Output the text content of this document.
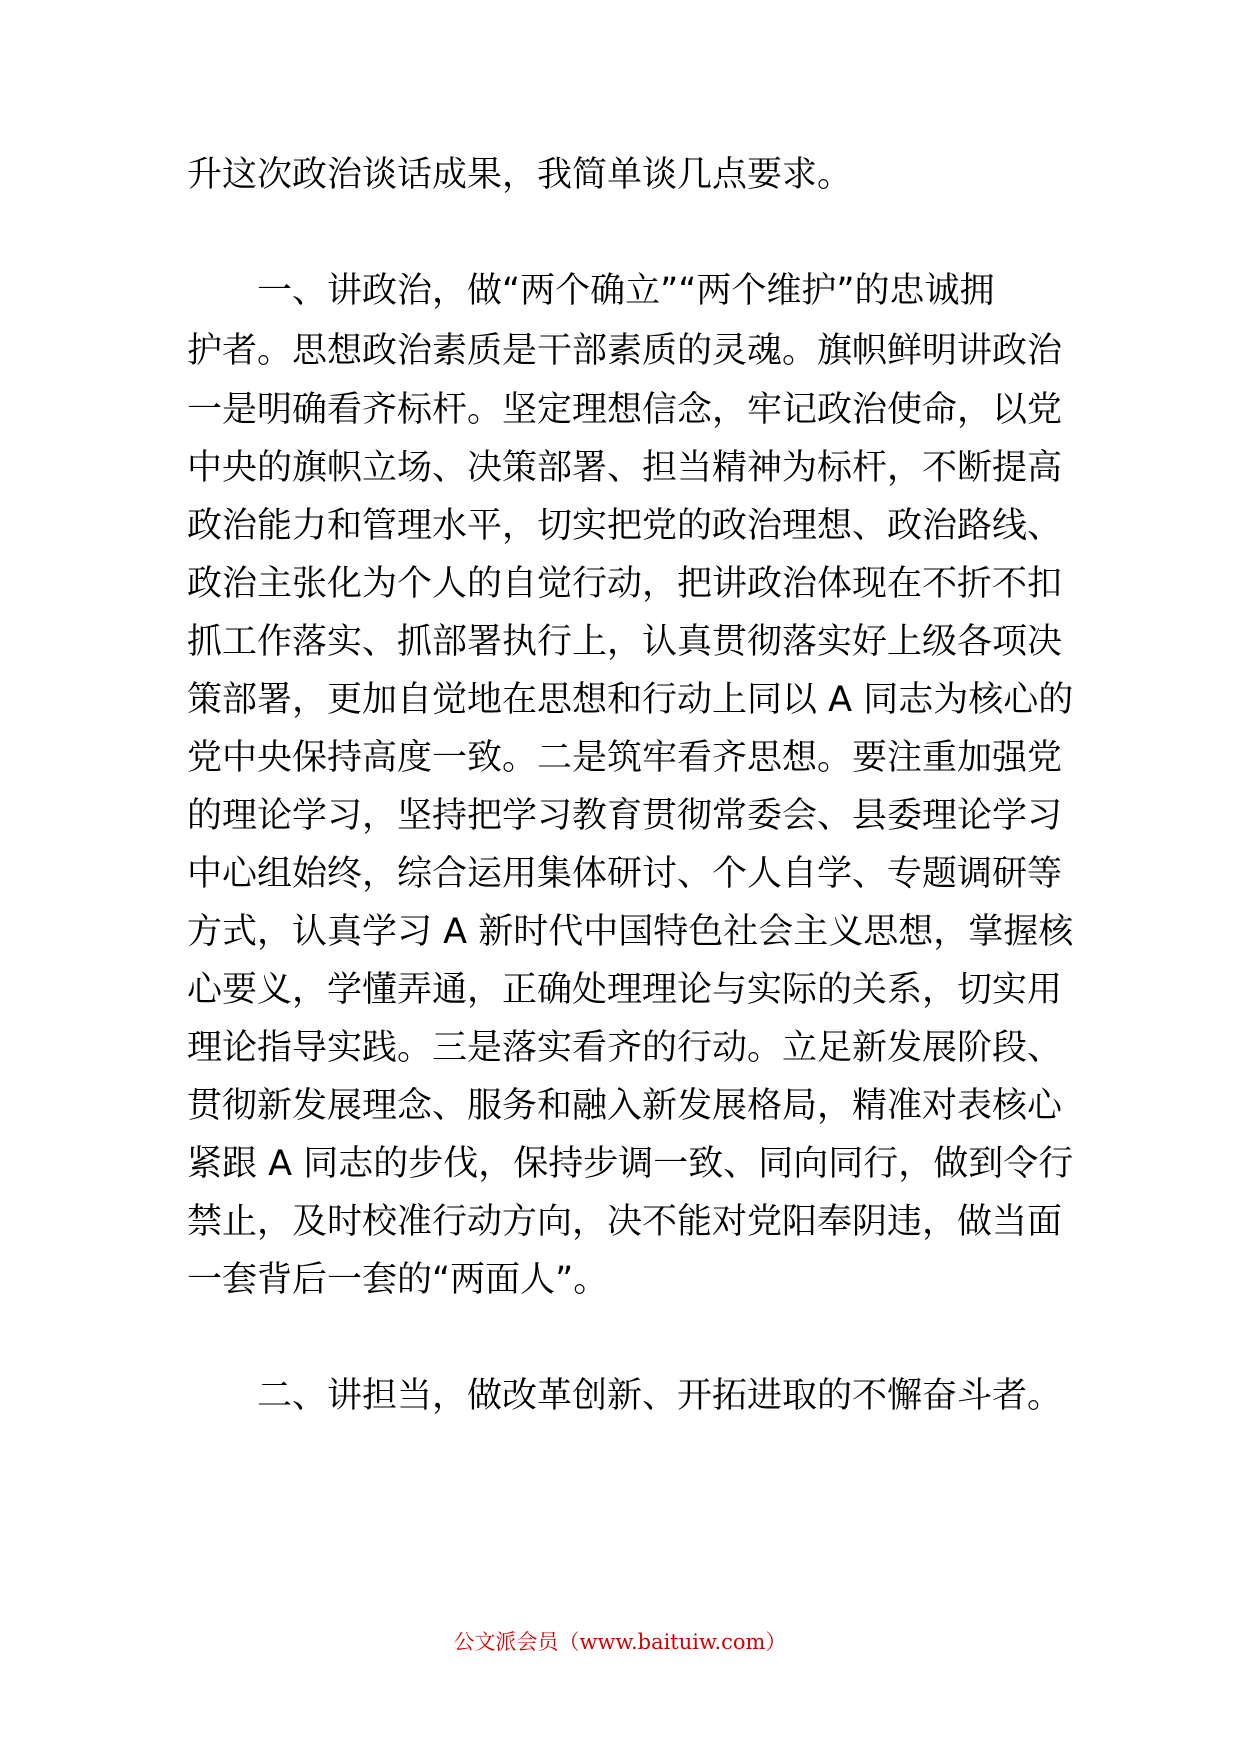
升这次政治谈话成果，我简单谈几点要求。
一、讲政治，做“两个确立”“两个维护”的忠诚拥
护者。思想政治素质是干部素质的灵魂。旗帜鲜明讲政治
一是明确看齐标杆。坚定理想信念，牢记政治使命，以党
中央的旗帜立场、决策部署、担当精神为标杆，不断提高
政治能力和管理水平，切实把党的政治理想、政治路线、
政治主张化为个人的自觉行动，把讲政治体现在不折不扣
抓工作落实、抓部署执行上，认真贯彻落实好上级各项决
策部署，更加自觉地在思想和行动上同以 A 同志为核心的
党中央保持高度一致。二是筑牢看齐思想。要注重加强党
的理论学习，坚持把学习教育贯彻常委会、县委理论学习
中心组始终，综合运用集体研讨、个人自学、专题调研等
方式，认真学习 A 新时代中国特色社会主义思想，掌握核
心要义，学懂弄通，正确处理理论与实际的关系，切实用
理论指导实践。三是落实看齐的行动。立足新发展阶段、
贯彻新发展理念、服务和融入新发展格局，精准对表核心
紧跟 A 同志的步伐，保持步调一致、同向同行，做到令行
禁止，及时校准行动方向，决不能对党阳奉阴违，做当面
一套背后一套的“两面人”。
二、讲担当，做改革创新、开拓进取的不懈奋斗者。
公文派会员（www.baituiw.com）
